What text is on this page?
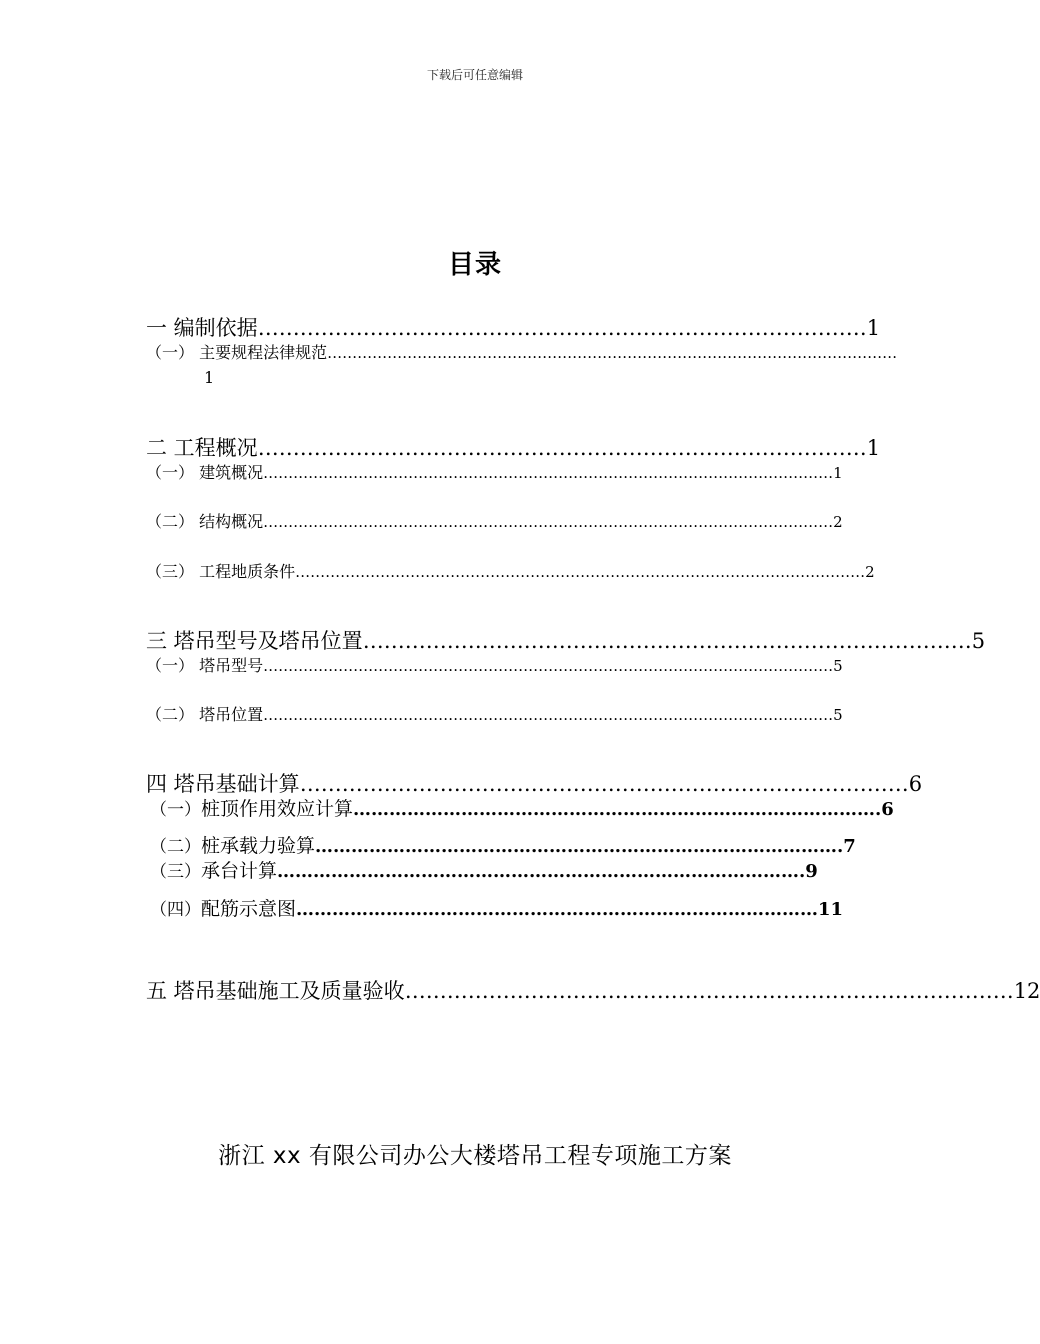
下载后可任意编辑
目录
一 编制依据 …………………………………………………………………………… 1
（一） 主要规程法律规范 ……………………………………………………………………………………………………
1
二 工程概况 …………………………………………………………………………… 1
（一） 建筑概况 …………………………………………………………………………………………………… 1
（二） 结构概况 …………………………………………………………………………………………………… 2
（三） 工程地质条件 …………………………………………………………………………………………………… 2
三 塔吊型号及塔吊位置 …………………………………………………………………………… 5
（一） 塔吊型号 …………………………………………………………………………………………………… 5
（二） 塔吊位置 …………………………………………………………………………………………………… 5
四 塔吊基础计算 …………………………………………………………………………… 6
（一） 桩顶作用效应计算 …………………………………………………………………………… .6
（二） 桩承载力验算 …………………………………………………………………………… .7
（三） 承台计算 …………………………………………………………………………… .9
（四） 配筋示意图 …………………………………………………………………………… 11
五 塔吊基础施工及质量验收 …………………………………………………………………………… 12
浙江 xx 有限公司办公大楼塔吊工程专项施工方案
